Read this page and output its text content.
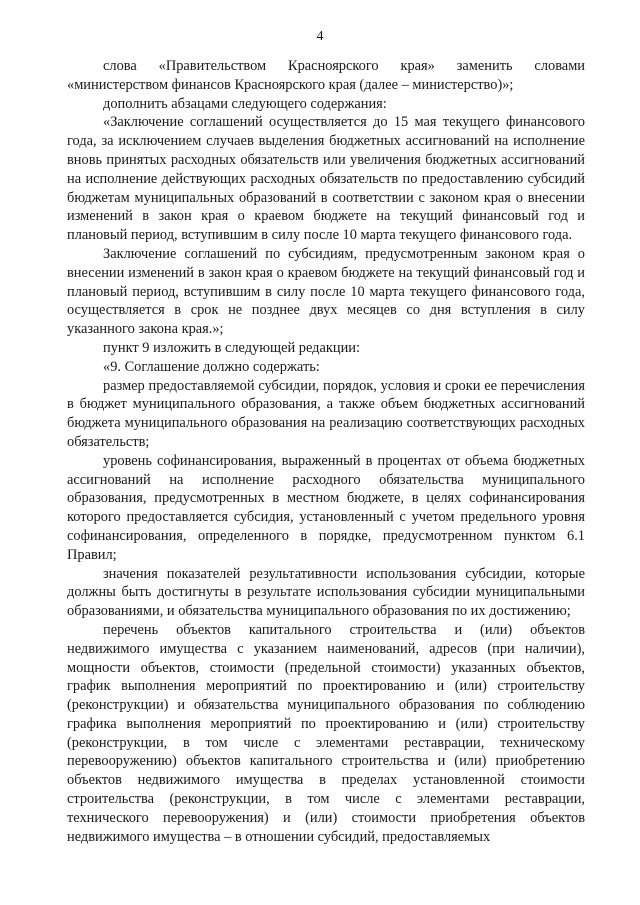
4

слова «Правительством Красноярского края» заменить словами «министерством финансов Красноярского края (далее – министерство)»;

дополнить абзацами следующего содержания:

«Заключение соглашений осуществляется до 15 мая текущего финансового года, за исключением случаев выделения бюджетных ассигнований на исполнение вновь принятых расходных обязательств или увеличения бюджетных ассигнований на исполнение действующих расходных обязательств по предоставлению субсидий бюджетам муниципальных образований в соответствии с законом края о внесении изменений в закон края о краевом бюджете на текущий финансовый год и плановый период, вступившим в силу после 10 марта текущего финансового года.

Заключение соглашений по субсидиям, предусмотренным законом края о внесении изменений в закон края о краевом бюджете на текущий финансовый год и плановый период, вступившим в силу после 10 марта текущего финансового года, осуществляется в срок не позднее двух месяцев со дня вступления в силу указанного закона края.»;

пункт 9 изложить в следующей редакции:

«9. Соглашение должно содержать:

размер предоставляемой субсидии, порядок, условия и сроки ее перечисления в бюджет муниципального образования, а также объем бюджетных ассигнований бюджета муниципального образования на реализацию соответствующих расходных обязательств;

уровень софинансирования, выраженный в процентах от объема бюджетных ассигнований на исполнение расходного обязательства муниципального образования, предусмотренных в местном бюджете, в целях софинансирования которого предоставляется субсидия, установленный с учетом предельного уровня софинансирования, определенного в порядке, предусмотренном пунктом 6.1 Правил;

значения показателей результативности использования субсидии, которые должны быть достигнуты в результате использования субсидии муниципальными образованиями, и обязательства муниципального образования по их достижению;

перечень объектов капитального строительства и (или) объектов недвижимого имущества с указанием наименований, адресов (при наличии), мощности объектов, стоимости (предельной стоимости) указанных объектов, график выполнения мероприятий по проектированию и (или) строительству (реконструкции) и обязательства муниципального образования по соблюдению графика выполнения мероприятий по проектированию и (или) строительству (реконструкции, в том числе с элементами реставрации, техническому перевооружению) объектов капитального строительства и (или) приобретению объектов недвижимого имущества в пределах установленной стоимости строительства (реконструкции, в том числе с элементами реставрации, технического перевооружения) и (или) стоимости приобретения объектов недвижимого имущества – в отношении субсидий, предоставляемых
